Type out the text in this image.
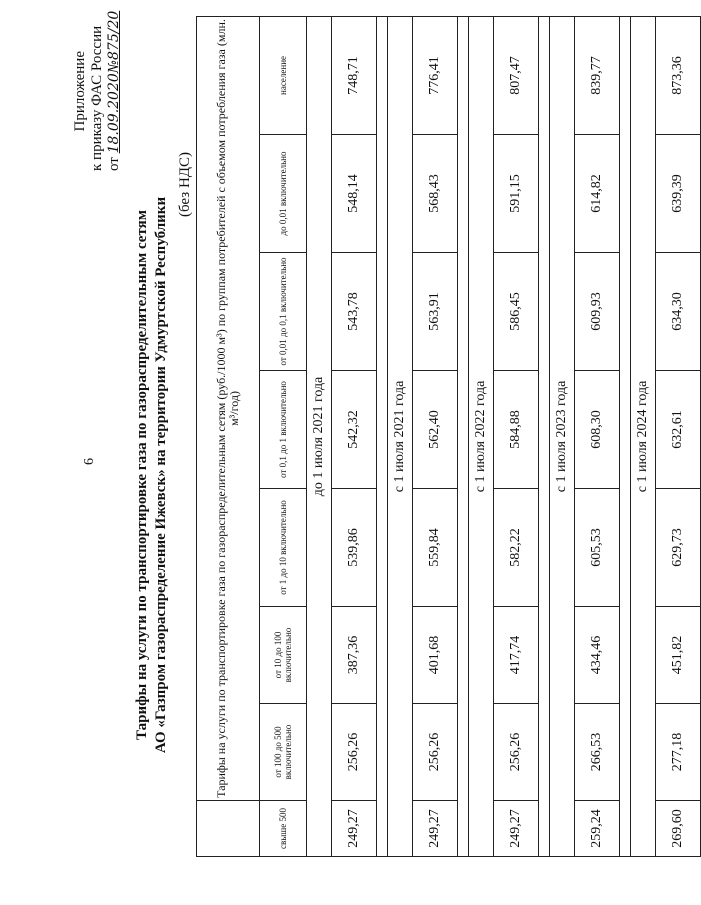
6
Приложение к приказу ФАС России от 18.09.2020№875/20
Тарифы на услуги по транспортировке газа по газораспределительным сетям АО «Газпром газораспределение Ижевск» на территории Удмуртской Республики
(без НДС)
	Тарифы на услуги по транспортировке газа по газораспределительным сетям (руб./1000 м³) по группам потребителей с объемом потребления газа (млн. м³/год)						
свыше 500	от 100 до 500 включительно	от 10 до 100 включительно	от 1 до 10 включительно	от 0,1 до 1 включительно	от 0,01 до 0,1 включительно	до 0,01 включительно	население
до 1 июля 2021 года							
249,27	256,26	387,36	539,86	542,32	543,78	548,14	748,71

с 1 июля 2021 года							
249,27	256,26	401,68	559,84	562,40	563,91	568,43	776,41

с 1 июля 2022 года							
249,27	256,26	417,74	582,22	584,88	586,45	591,15	807,47

с 1 июля 2023 года							
259,24	266,53	434,46	605,53	608,30	609,93	614,82	839,77

с 1 июля 2024 года							
269,60	277,18	451,82	629,73	632,61	634,30	639,39	873,36
